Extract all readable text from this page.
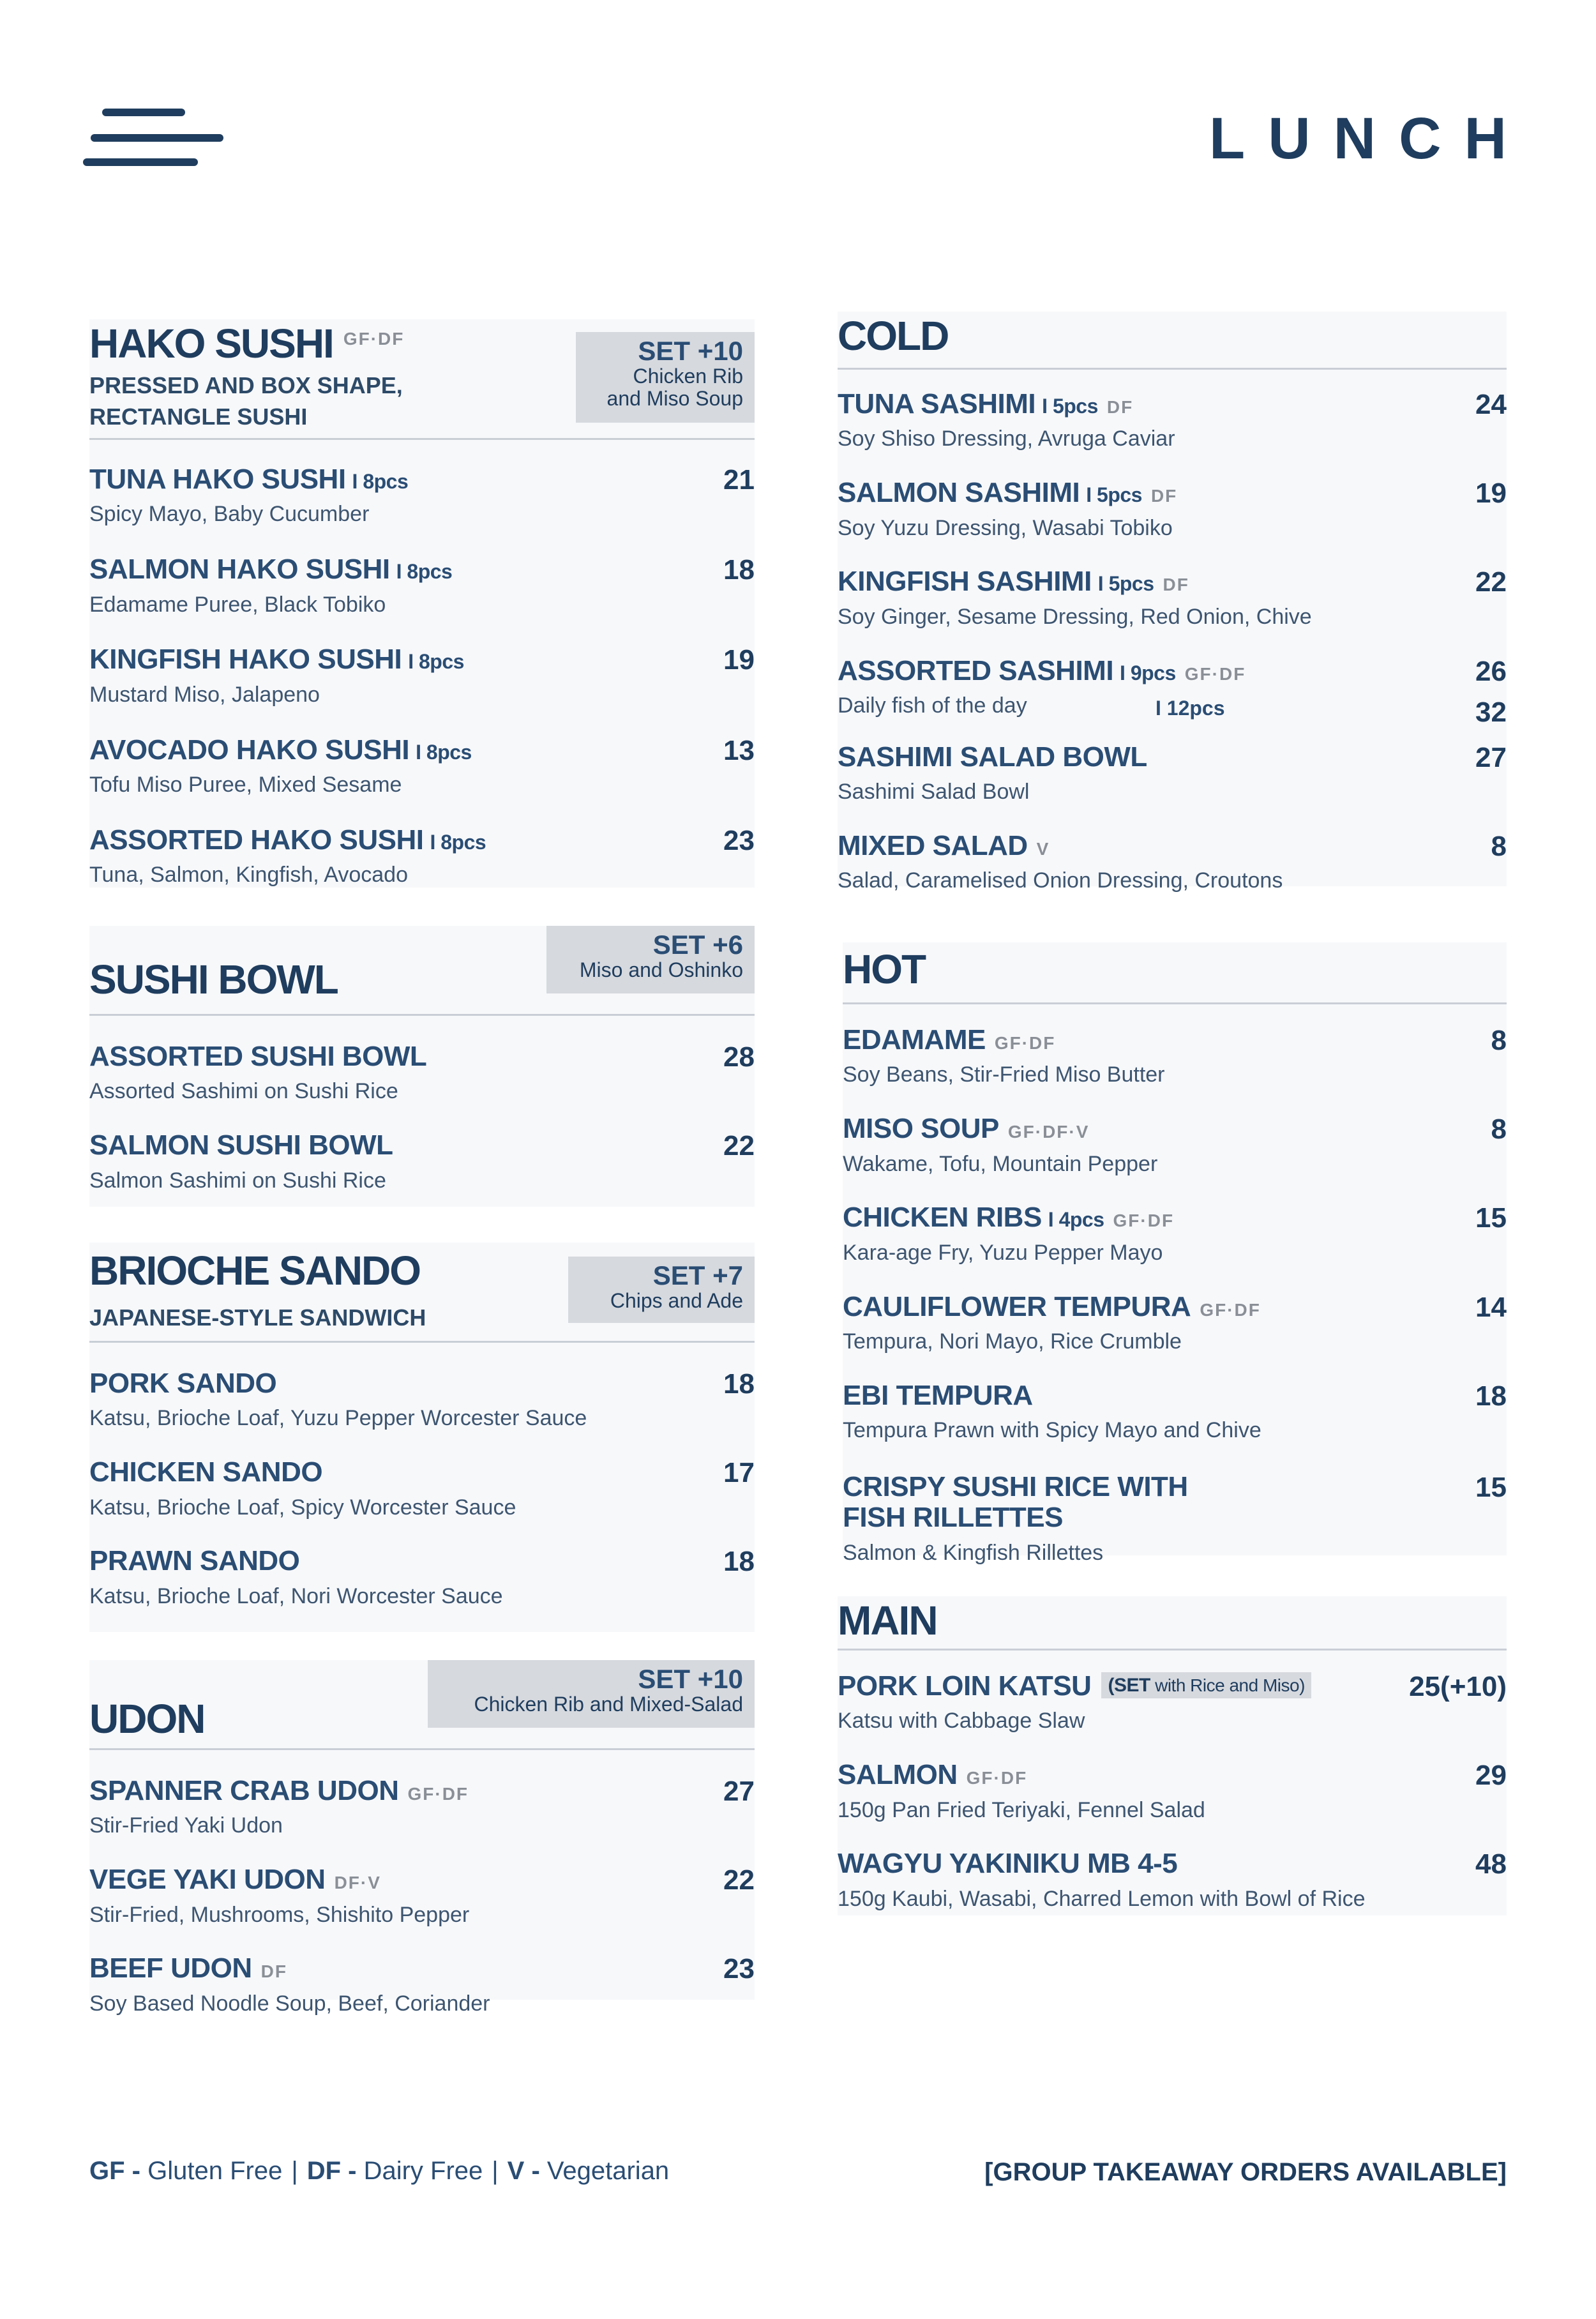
LUNCH
HAKO SUSHI $^{GF\cdot DF}$
PRESSED AND BOX SHAPE,
RECTANGLE SUSHI
SET +10
Chicken Rib
and Miso Soup
TUNA HAKO SUSHI I 8pcs
Spicy Mayo, Baby Cucumber
21
SALMON HAKO SUSHI I 8pcs
Edamame Puree, Black Tobiko
18
KINGFISH HAKO SUSHI I 8pcs
Mustard Miso, Jalapeno
19
AVOCADO HAKO SUSHI I 8pcs
Tofu Miso Puree, Mixed Sesame
13
ASSORTED HAKO SUSHI I 8pcs
Tuna, Salmon, Kingfish, Avocado
23
SUSHI BOWL
SET +6
Miso and Oshinko
ASSORTED SUSHI BOWL
Assorted Sashimi on Sushi Rice
28
SALMON SUSHI BOWL
Salmon Sashimi on Sushi Rice
22
BRIOCHE SANDO
JAPANESE-STYLE SANDWICH
SET +7
Chips and Ade
PORK SANDO
Katsu, Brioche Loaf, Yuzu Pepper Worcester Sauce
18
CHICKEN SANDO
Katsu, Brioche Loaf, Spicy Worcester Sauce
17
PRAWN SANDO
Katsu, Brioche Loaf, Nori Worcester Sauce
18
UDON
SET +10
Chicken Rib and Mixed-Salad
SPANNER CRAB UDON GF·DF
Stir-Fried Yaki Udon
27
VEGE YAKI UDON DF·V
Stir-Fried, Mushrooms, Shishito Pepper
22
BEEF UDON DF
Soy Based Noodle Soup, Beef, Coriander
23
COLD
TUNA SASHIMI I 5pcs DF
Soy Shiso Dressing, Avruga Caviar
24
SALMON SASHIMI I 5pcs DF
Soy Yuzu Dressing, Wasabi Tobiko
19
KINGFISH SASHIMI I 5pcs DF
Soy Ginger, Sesame Dressing, Red Onion, Chive
22
ASSORTED SASHIMI I 9pcs GF·DF
Daily fish of the day	I 12pcs
26
32
SASHIMI SALAD BOWL
Sashimi Salad Bowl
27
MIXED SALAD V
Salad, Caramelised Onion Dressing, Croutons
8
HOT
EDAMAME GF·DF
Soy Beans, Stir-Fried Miso Butter
8
MISO SOUP GF·DF·V
Wakame, Tofu, Mountain Pepper
8
CHICKEN RIBS I 4pcs GF·DF
Kara-age Fry, Yuzu Pepper Mayo
15
CAULIFLOWER TEMPURA GF·DF
Tempura, Nori Mayo, Rice Crumble
14
EBI TEMPURA
Tempura Prawn with Spicy Mayo and Chive
18
CRISPY SUSHI RICE WITH
FISH RILLETTES
Salmon & Kingfish Rillettes
15
MAIN
PORK LOIN KATSU (SET with Rice and Miso)
Katsu with Cabbage Slaw
25(+10)
SALMON GF·DF
150g Pan Fried Teriyaki, Fennel Salad
29
WAGYU YAKINIKU MB 4-5
150g Kaubi, Wasabi, Charred Lemon with Bowl of Rice
48
GF - Gluten Free | DF - Dairy Free | V - Vegetarian	[GROUP TAKEAWAY ORDERS AVAILABLE]
